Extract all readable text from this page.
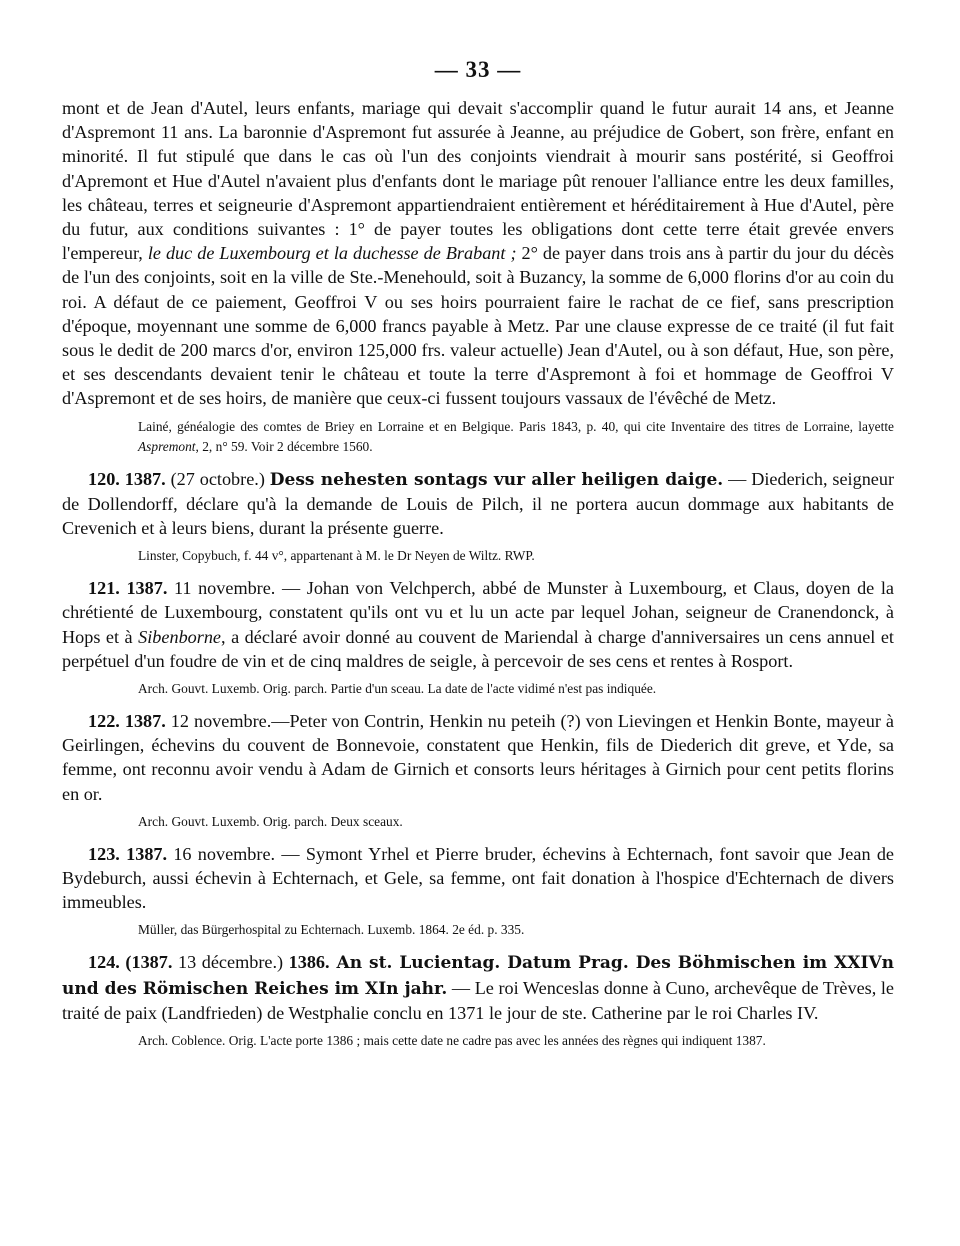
— 33 —

mont et de Jean d'Autel, leurs enfants, mariage qui devait s'accomplir quand le futur aurait 14 ans, et Jeanne d'Aspremont 11 ans. La baronnie d'Aspremont fut assurée à Jeanne, au préjudice de Gobert, son frère, enfant en minorité. Il fut stipulé que dans le cas où l'un des conjoints viendrait à mourir sans postérité, si Geoffroi d'Apremont et Hue d'Autel n'avaient plus d'enfants dont le mariage pût renouer l'alliance entre les deux familles, les château, terres et seigneurie d'Aspremont appartiendraient entièrement et héréditairement à Hue d'Autel, père du futur, aux conditions suivantes : 1° de payer toutes les obligations dont cette terre était grevée envers l'empereur, le duc de Luxembourg et la duchesse de Brabant ; 2° de payer dans trois ans à partir du jour du décès de l'un des conjoints, soit en la ville de Ste.-Menehould, soit à Buzancy, la somme de 6,000 florins d'or au coin du roi. A défaut de ce paiement, Geoffroi V ou ses hoirs pourraient faire le rachat de ce fief, sans prescription d'époque, moyennant une somme de 6,000 francs payable à Metz. Par une clause expresse de ce traité (il fut fait sous le dedit de 200 marcs d'or, environ 125,000 frs. valeur actuelle) Jean d'Autel, ou à son défaut, Hue, son père, et ses descendants devaient tenir le château et toute la terre d'Aspremont à foi et hommage de Geoffroi V d'Aspremont et de ses hoirs, de manière que ceux-ci fussent toujours vassaux de l'évêché de Metz.

Lainé, généalogie des comtes de Briey en Lorraine et en Belgique. Paris 1843, p. 40, qui cite Inventaire des titres de Lorraine, layette Aspremont, 2, n° 59. Voir 2 décembre 1560.

120. 1387. (27 octobre.) Dess nehesten sontags vur aller heiligen daige. — Diederich, seigneur de Dollendorff, déclare qu'à la demande de Louis de Pilch, il ne portera aucun dommage aux habitants de Crevenich et à leurs biens, durant la présente guerre.

Linster, Copybuch, f. 44 v°, appartenant à M. le Dr Neyen de Wiltz. RWP.

121. 1387. 11 novembre. — Johan von Velchperch, abbé de Munster à Luxembourg, et Claus, doyen de la chrétienté de Luxembourg, constatent qu'ils ont vu et lu un acte par lequel Johan, seigneur de Cranendonck, à Hops et à Sibenborne, a déclaré avoir donné au couvent de Mariendal à charge d'anniversaires un cens annuel et perpétuel d'un foudre de vin et de cinq maldres de seigle, à percevoir de ses cens et rentes à Rosport.

Arch. Gouvt. Luxemb. Orig. parch. Partie d'un sceau. La date de l'acte vidimé n'est pas indiquée.

122. 1387. 12 novembre.—Peter von Contrin, Henkin nu peteih (?) von Lievingen et Henkin Bonte, mayeur à Geirlingen, échevins du couvent de Bonnevoie, constatent que Henkin, fils de Diederich dit greve, et Yde, sa femme, ont reconnu avoir vendu à Adam de Girnich et consorts leurs héritages à Girnich pour cent petits florins en or.

Arch. Gouvt. Luxemb. Orig. parch. Deux sceaux.

123. 1387. 16 novembre. — Symont Yrhel et Pierre bruder, échevins à Echternach, font savoir que Jean de Bydeburch, aussi échevin à Echternach, et Gele, sa femme, ont fait donation à l'hospice d'Echternach de divers immeubles.

Müller, das Bürgerhospital zu Echternach. Luxemb. 1864. 2e éd. p. 335.

124. (1387. 13 décembre.) 1386. An st. Lucientag. Datum Prag. Des Böhmischen im XXIVn und des Römischen Reiches im XIn jahr. — Le roi Wenceslas donne à Cuno, archevêque de Trèves, le traité de paix (Landfrieden) de Westphalie conclu en 1371 le jour de ste. Catherine par le roi Charles IV.

Arch. Coblence. Orig. L'acte porte 1386 ; mais cette date ne cadre pas avec les années des règnes qui indiquent 1387.
